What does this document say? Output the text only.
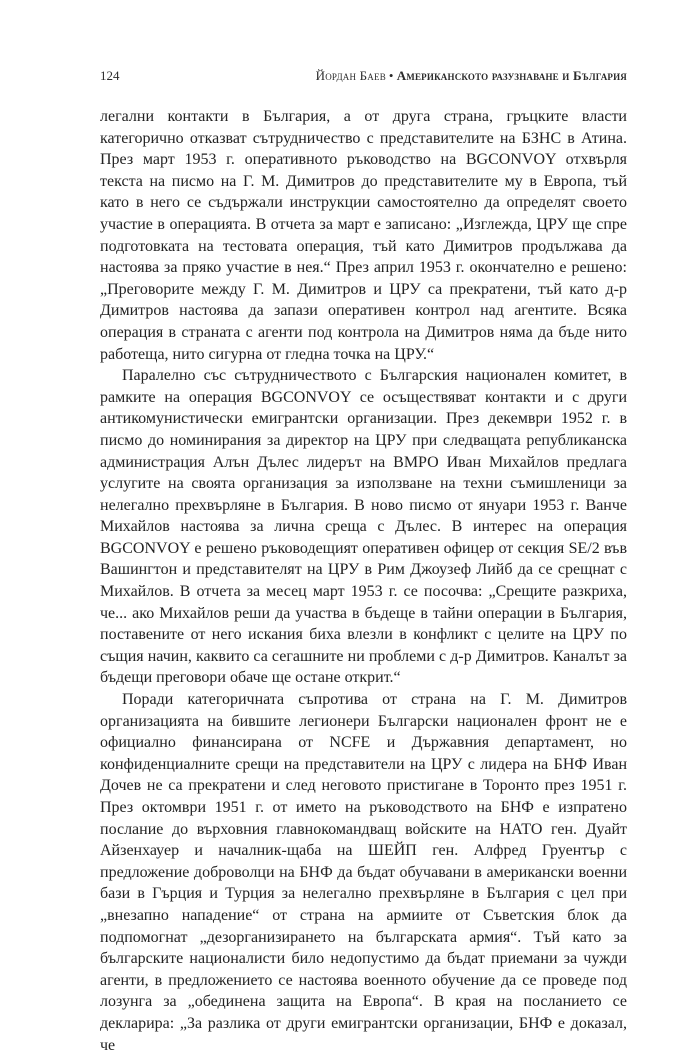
124	Йордан Баев • Американското разузнаване и България

легални контакти в България, а от друга страна, гръцките власти категорично отказват сътрудничество с представителите на БЗНС в Атина. През март 1953 г. оперативното ръководство на BGCONVOY отхвърля текста на писмо на Г. М. Димитров до представителите му в Европа, тъй като в него се съдържали инструкции самостоятелно да определят своето участие в операцията. В отчета за март е записано: „Изглежда, ЦРУ ще спре подготовката на тестовата операция, тъй като Димитров продължава да настоява за пряко участие в нея.“ През април 1953 г. окончателно е решено: „Преговорите между Г. М. Димитров и ЦРУ са прекратени, тъй като д-р Димитров настоява да запази оперативен контрол над агентите. Всяка операция в страната с агенти под контрола на Димитров няма да бъде нито работеща, нито сигурна от гледна точка на ЦРУ.“

Паралелно със сътрудничеството с Българския национален комитет, в рамките на операция BGCONVOY се осъществяват контакти и с други антикомунистически емигрантски организации. През декември 1952 г. в писмо до номинирания за директор на ЦРУ при следващата републиканска администрация Алън Дълес лидерът на ВМРО Иван Михайлов предлага услугите на своята организация за използване на техни съмишленици за нелегално прехвърляне в България. В ново писмо от януари 1953 г. Ванче Михайлов настоява за лична среща с Дълес. В интерес на операция BGCONVOY е решено ръководещият оперативен офицер от секция SE/2 във Вашингтон и представителят на ЦРУ в Рим Джоузеф Лийб да се срещнат с Михайлов. В отчета за месец март 1953 г. се посочва: „Срещите разкриха, че... ако Михайлов реши да участва в бъдеще в тайни операции в България, поставените от него искания биха влезли в конфликт с целите на ЦРУ по същия начин, каквито са сегашните ни проблеми с д-р Димитров. Каналът за бъдещи преговори обаче ще остане открит.“

Поради категоричната съпротива от страна на Г. М. Димитров организацията на бившите легионери Български национален фронт не е официално финансирана от NCFE и Държавния департамент, но конфиденциалните срещи на представители на ЦРУ с лидера на БНФ Иван Дочев не са прекратени и след неговото пристигане в Торонто през 1951 г. През октомври 1951 г. от името на ръководството на БНФ е изпратено послание до върховния главнокомандващ войските на НАТО ген. Дуайт Айзенхауер и началник-щаба на ШЕЙП ген. Алфред Груентър с предложение доброволци на БНФ да бъдат обучавани в американски военни бази в Гърция и Турция за нелегално прехвърляне в България с цел при „внезапно нападение“ от страна на армиите от Съветския блок да подпомогнат „дезорганизирането на българската армия“. Тъй като за българските националисти било недопустимо да бъдат приемани за чужди агенти, в предложението се настоява военното обучение да се проведе под лозунга за „обединена защита на Европа“. В края на посланието се декларира: „За разлика от други емигрантски организации, БНФ е доказал, че
